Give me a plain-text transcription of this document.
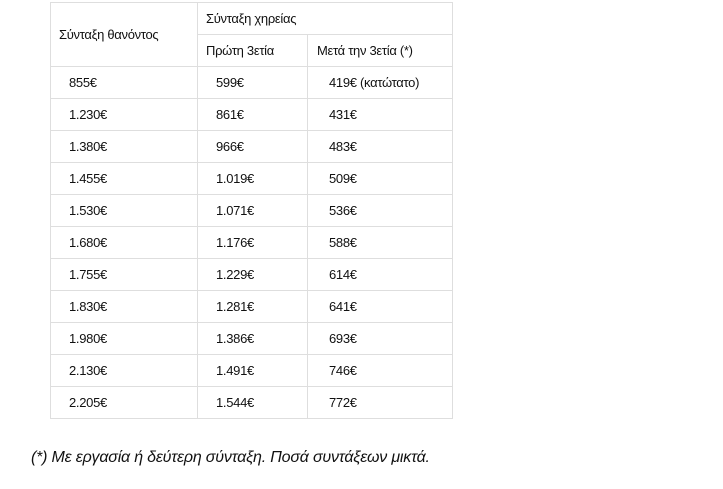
Σύνταξη θανόντος	Σύνταξη χηρείας	
	Πρώτη 3ετία	Μετά την 3ετία (*)
855€	599€	419€ (κατώτατο)
1.230€	861€	431€
1.380€	966€	483€
1.455€	1.019€	509€
1.530€	1.071€	536€
1.680€	1.176€	588€
1.755€	1.229€	614€
1.830€	1.281€	641€
1.980€	1.386€	693€
2.130€	1.491€	746€
2.205€	1.544€	772€
(*) Με εργασία ή δεύτερη σύνταξη. Ποσά συντάξεων μικτά.
